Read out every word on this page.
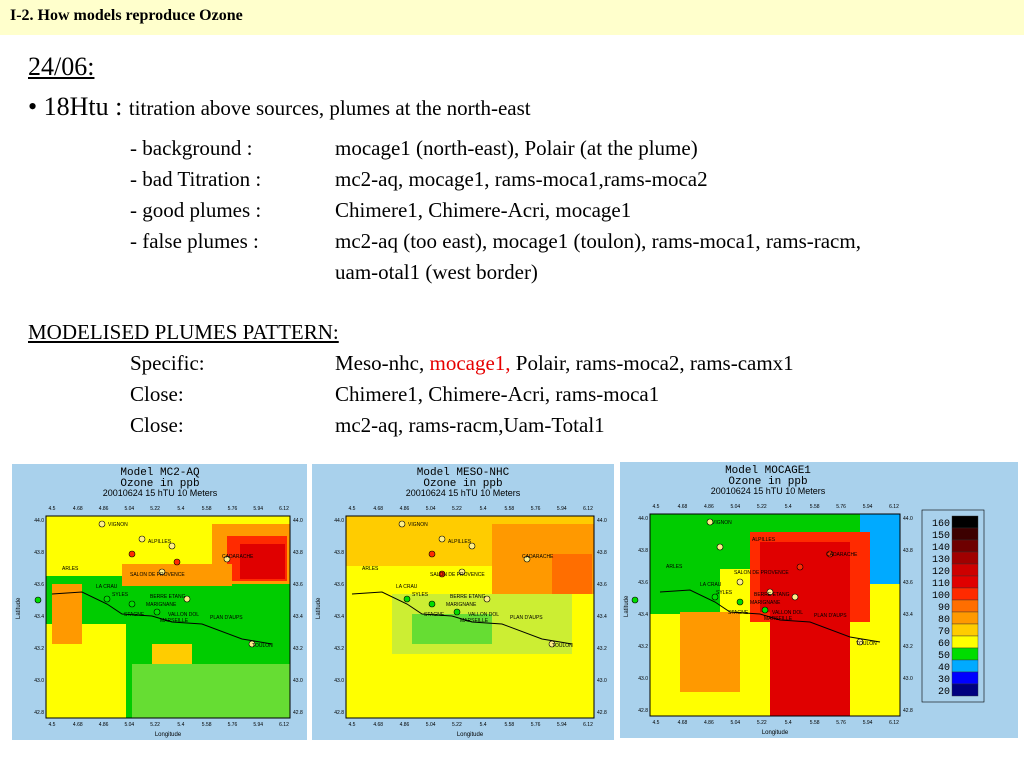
I-2. How models reproduce Ozone
24/06:
• 18Htu : titration above sources, plumes at the north-east
- background :	mocage1 (north-east), Polair (at the plume)
- bad Titration :	mc2-aq, mocage1, rams-moca1,rams-moca2
- good plumes :	Chimere1, Chimere-Acri, mocage1
- false plumes :	mc2-aq (too east), mocage1 (toulon), rams-moca1, rams-racm,
uam-otal1 (west border)
MODELISED PLUMES PATTERN:
Specific:	Meso-nhc, mocage1, Polair, rams-moca2, rams-camx1
Close:	Chimere1, Chimere-Acri, rams-moca1
Close:	mc2-aq, rams-racm,Uam-Total1
Model MC2-AQ
Ozone in ppb
20010624 15 hTU 10 Meters
Latitude
Longitude
4.5
4.5
4.68
4.68
4.86
4.86
5.04
5.04
5.22
5.22
5.4
5.4
5.58
5.58
5.76
5.76
5.94
5.94
6.12
6.12
44.0	44.0
43.8	43.8
43.6	43.6
43.4	43.4
43.2	43.2
43.0	43.0
42.8	42.8
VIGNON
ALPILLES
ARLES
CADARACHE
SALON DE PROVENCE
LA CRAU
SYLES	BERRE ETANG
MARIGNANE
STAGNE	VALLON DOL
MARSEILLE	PLAN D'AUPS
TOULON
Model MESO-NHC
Ozone in ppb
20010624 15 hTU 10 Meters
Latitude
Longitude
4.5
4.5
4.68
4.68
4.86
4.86
5.04
5.04
5.22
5.22
5.4
5.4
5.58
5.58
5.76
5.76
5.94
5.94
6.12
6.12
44.0	44.0
43.8	43.8
43.6	43.6
43.4	43.4
43.2	43.2
43.0	43.0
42.8	42.8
VIGNON
ALPILLES
ARLES
CADARACHE
SALON DE PROVENCE
LA CRAU
SYLES	BERRE ETANG
MARIGNANE
STAGNE	VALLON DOL
MARSEILLE	PLAN D'AUPS
TOULON
Model MOCAGE1
Ozone in ppb
20010624 15 hTU 10 Meters
Latitude
Longitude
160
150
140
130
120
110
100
90
80
70
60
50
40
30
20
4.5
4.5
4.68
4.68
4.86
4.86
5.04
5.04
5.22
5.22
5.4
5.4
5.58
5.58
5.76
5.76
5.94
5.94
6.12
6.12
44.0	44.0
43.8	43.8
43.6	43.6
43.4	43.4
43.2	43.2
43.0	43.0
42.8	42.8
VIGNON
ALPILLES
ARLES
CADARACHE
SALON DE PROVENCE
LA CRAU
SYLES	BERRE ETANG
MARIGNANE
STAGNE	VALLON DOL
MARSEILLE	PLAN D'AUPS
TOULON
